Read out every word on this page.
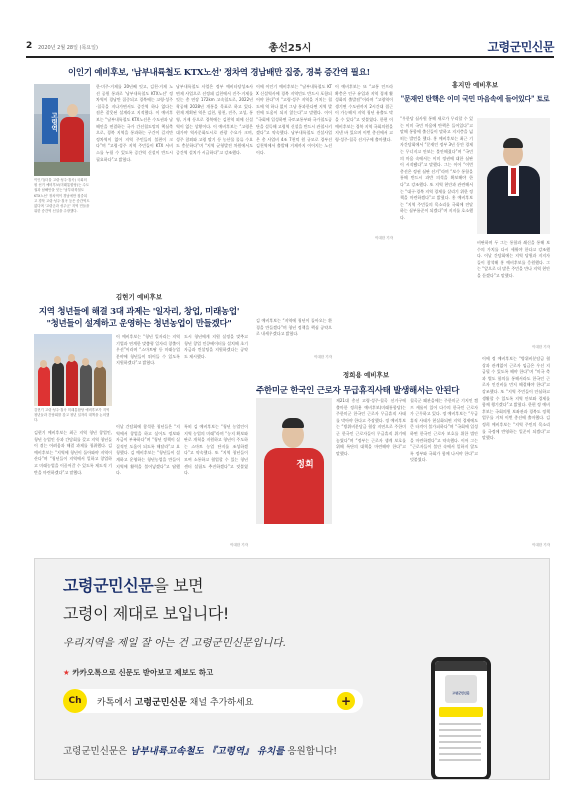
2 2020년 2월 28일 (목요일)	총선25시	고령군민신문
이인기 예비후보, '남부내륙철도 KTX노선' 정차역 경남배만 집중, 경북 증간역 필요!
고령역
이인기(더불 고령·성주·칠곡) 국회의원 선거 예비후보(미래통합당)는 수도권과 남해안을 잇는 '남부내륙철도 KTX노선' 정차역이 경남에만 집중되고 경북 고령·성주·칠곡 등은 증간역도 없다며 '고령군과 성주군' 지역 민들을 위한 증간역 신설을 주장했다.
한·미주·거제를 20년째 잇고, 김천·거제 노선 공원 통과로 '남부내륙철도 KTX노선' 정차역이 경남만 집중되고 경북에는 고령·성주·칠곡을 지나가면서도 증간역 하나 없다는 점은 잘못된 설계라고 지적했다. 이 예비후보는 “남부내륙철도 KTX노선은 수도권과 남해안을 연결하는 국가 간선철도망의 핵심축으로, 경북 지역을 통과하는 구간이 길지만 정차역이 없어 지역 주민들의 불편이 크다”며 “고령·성주 지역 주민들이 KTX 서비스를 누릴 수 있도록 증간역 신설이 반드시 필요하다”고 밝혔다.
남부내륙철도 사업은 정부 예비타당성조사 면제 사업으로 선정돼 김천에서 진주·거제를 잇는 총 연장 172km 고속철도로, 2022년 착공해 2028년 개통을 목표로 하고 있다. 현재 계획된 역은 김천, 합천, 진주, 고성, 통영, 거제 등으로 경북에는 김천역 외에 신설역이 없는 상황이다. 이 예비후보는 “고령은 대가야 역사문화도시로 관광 수요가 크며, 성주 참외와 고령 딸기 등 농산물 물류 수요도 충분하다”며 “지역 균형발전 차원에서도 증간역 설치가 시급하다”고 강조했다.
이에 이인기 예비후보는 “남부내륙철도 KTX 신설역사에 경북 지역민도 반드시 포함되어야 한다”며 “고령·성주 지역을 거치는 철도에 역 하나 없이 그냥 통과한다면 지역 발전에 도움이 되지 않는다”고 말했다. 이어 “국회에 입성하면 국토교통부와 국가철도공단을 설득해 고령역 신설을 반드시 관철시키겠다”고 약속했다. 남부내륙철도 건설사업은 총 사업비 4조 7천억 원 규모로 경부선 김천역에서 출발해 거제까지 이어지는 노선이다.
이 예비후보는 또 “교통 인프라 확충은 인구 유입과 지역 경제 활성화의 출발점”이라며 “고령역이 생기면 수도권까지 2시간대 접근이 가능해져 지역 청년 유출도 막을 수 있다”고 덧붙였다. 한편 이 예비후보는 경북 지역 국회의원을 지낸 바 있으며 이번 총선에서 고령·성주·칠곡 선거구에 출마했다.
이대한 기자
홍지만 예비후보
"문재인 탄핵은 이미 국민 마음속에 들어있다" 토로
“우한당 심사원 통해 새로가 무리할 수 있는 이미 국민 마음에 탄핵은 들어있다”고 말해 통합에 출신들이 말하고 지지층을 넓히는 발언을 했다. 홍 예비후보는 최근 기자간담회에서 “문재인 정부 3년 동안 경제는 무너지고 안보는 불안해졌다”며 “국민의 마음 속에서는 이미 정권에 대한 심판이 시작됐다”고 말했다. 그는 이어 “이번 총선은 정권 심판 선거”라며 “보수 통합을 통해 반드시 과반 의석을 확보해야 한다”고 강조했다. 또 지역 현안과 관련해서는 “대구·경북 지역 경제를 살리기 위한 정책을 마련하겠다”고 밝혔다. 홍 예비후보는 “지역 주민들의 목소리를 국회에 전달하는 심부름꾼이 되겠다”며 지지를 호소했다.
비판하며 두 그는 통합과 쇄신을 통해 보수의 가치를 다시 세워야 한다고 강조했다. 이날 간담회에는 지역 당원과 지지자들이 참석해 홍 예비후보를 응원했다. 그는 “앞으로 더 많은 주민을 만나 지역 현안을 듣겠다”고 말했다.
이대한 기자
김현기 예비후보
지역 청년들에 해결 3대 과제는 '일자리, 창업, 미래농업'
"청년들이 설계하고 운영하는 청년농업이 만들겠다"
김현기 고령·성주·칠곡 미래통합당 예비후보가 지역 청년들과 간담회를 갖고 청년 일자리 대책을 논의했다.
김현기 예비후보는 최근 지역 청년 창업인, 청년 농업인 등과 간담회를 갖고 지역 청년들이 겪는 어려움과 해결 과제를 청취했다. 김 예비후보는 “지역에 청년이 돌아와야 지역이 산다”며 “청년들이 지역에서 일하고 창업하고 미래농업을 이끌어갈 수 있도록 제도적 기반을 마련하겠다”고 말했다.
이 예비후보는 “청년 일자리는 지역 기업과 연계한 맞춤형 일자리 창출이 우선”이라며 “스마트팜 등 미래농업 분야에 청년들이 뛰어들 수 있도록 지원하겠다”고 밝혔다.
도시 청년에게 지원 실정을 맞추고 청년 창업 인큐베이터를 설치해 초기 자금과 컨설팅을 지원하겠다는 공약도 제시했다.
이날 간담회에 참석한 청년들은 “지역에서 창업을 하고 싶어도 정보와 자금이 부족하다”며 “청년 정책이 실질적인 도움이 되도록 해달라”고 요청했다. 김 예비후보는 “청년들이 설계하고 운영하는 청년농업을 만들어 지역에 활력을 불어넣겠다”고 답했다.
특히 김 예비후보는 “청년 농업인이 지역 농업의 미래”라며 “농지 확보와 판로 개척을 지원하고 청년이 주도하는 스마트 농업 단지를 조성하겠다”고 약속했다. 또 “지역 청년들이 모여 소통하고 협업할 수 있는 청년센터 설립도 추진하겠다”고 덧붙였다.
이대한 기자
김 예비후보는 “지역에 청년이 돌아오는 환경을 만들겠다”며 청년 정책을 핵심 공약으로 내세우겠다고 밝혔다.
이대한 기자
정희용 예비후보
주한미군 한국인 근로자 무급휴직사태 발생해서는 안된다
정희
제21대 총선 고령·성주·칠곡 선거구에 출마한 정희용 예비후보(미래통합당)는 주한미군 한국인 근로자 무급휴직 사태를 막아야 한다고 주장했다. 정 예비후보는 “방위비분담금 협상 지연으로 주한미군 한국인 근로자들이 무급휴직 위기에 놓였다”며 “정부는 근로자 생계 보호를 위해 특단의 대책을 마련해야 한다”고 말했다.
칠곡군 왜관읍에는 주한미군 기지인 캠프 캐롤이 있어 다수의 한국인 근로자가 근무하고 있다. 정 예비후보는 “무급휴직 사태가 현실화되면 지역 경제에도 큰 타격이 불가피하다”며 “국회에 입성하면 한국인 근로자 보호를 위한 법안을 마련하겠다”고 약속했다. 이어 그는 “근로자들이 불안 속에서 일하지 않도록 정부와 국회가 함께 나서야 한다”고 덧붙였다.
이에 정 예비후보는 “방위비분담금 협상과 관계없이 근로자 임금은 우선 지급될 수 있도록 해야 한다”며 “미국 측과 별도 합의를 통해서라도 한국인 근로자 인건비를 먼저 해결해야 한다”고 강조했다. 또 “지역 주민들이 안심하고 생활할 수 있도록 지역 안보와 경제를 함께 챙기겠다”고 밝혔다. 한편 정 예비후보는 국회의원 보좌관과 경북도 정책 업무를 거쳐 이번 총선에 출마했다. 김정희 예비후보는 “지역 주민의 목소리를 국정에 반영하는 일꾼이 되겠다”고 말했다.
이대한 기자
고령군민신문을 보면
고령이 제대로 보입니다!
우리지역을 제일 잘 아는 건 고령군민신문입니다.
★ 카카오톡으로 신문도 받아보고 제보도 하고
Ch	카톡에서 고령군민신문 채널 추가하세요	+
고령군민신문은 남부내륙고속철도 『고령역』 유치를 응원합니다!
고령군민신문
